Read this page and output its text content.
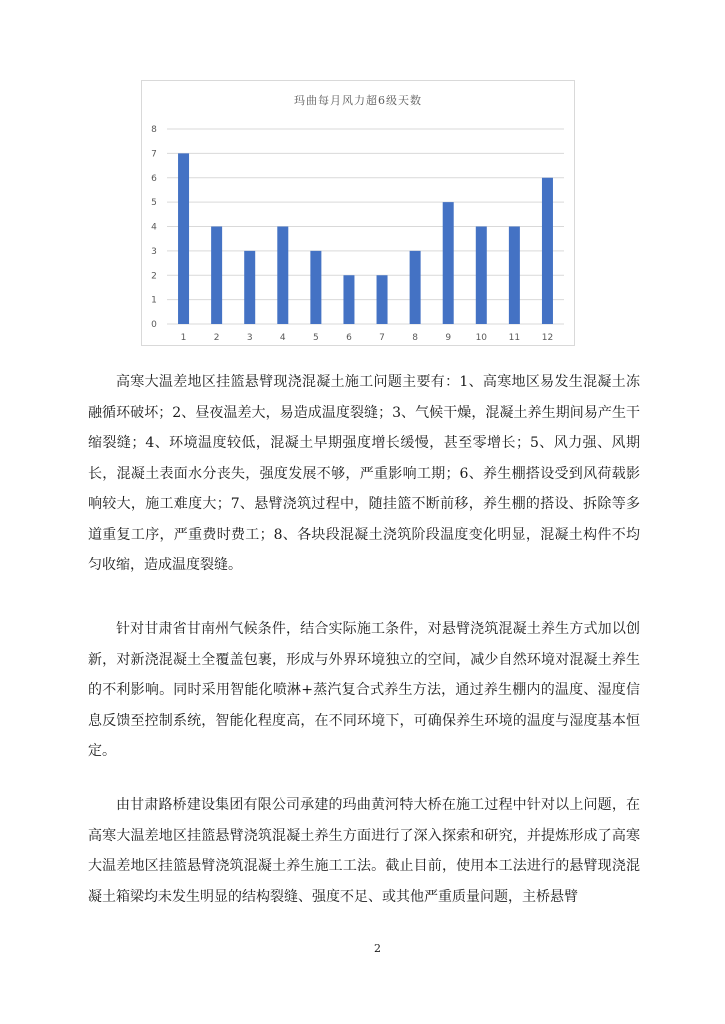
玛曲每月风力超6级天数
0
1
2
3
4
5
6
7
8
1	2	3	4	5	6	7	8	9	10 11 12

高寒大温差地区挂篮悬臂现浇混凝土施工问题主要有：1、高寒地区易发生混凝土冻融循环破坏；2、昼夜温差大，易造成温度裂缝；3、气候干燥，混凝土养生期间易产生干缩裂缝；4、环境温度较低，混凝土早期强度增长缓慢，甚至零增长；5、风力强、风期长，混凝土表面水分丧失，强度发展不够，严重影响工期；6、养生棚搭设受到风荷载影响较大，施工难度大；7、悬臂浇筑过程中，随挂篮不断前移，养生棚的搭设、拆除等多道重复工序，严重费时费工；8、各块段混凝土浇筑阶段温度变化明显，混凝土构件不均匀收缩，造成温度裂缝。

针对甘肃省甘南州气候条件，结合实际施工条件，对悬臂浇筑混凝土养生方式加以创新，对新浇混凝土全覆盖包裹，形成与外界环境独立的空间，减少自然环境对混凝土养生的不利影响。同时采用智能化喷淋+蒸汽复合式养生方法，通过养生棚内的温度、湿度信息反馈至控制系统，智能化程度高，在不同环境下，可确保养生环境的温度与湿度基本恒定。

由甘肃路桥建设集团有限公司承建的玛曲黄河特大桥在施工过程中针对以上问题，在高寒大温差地区挂篮悬臂浇筑混凝土养生方面进行了深入探索和研究，并提炼形成了高寒大温差地区挂篮悬臂浇筑混凝土养生施工工法。截止目前，使用本工法进行的悬臂现浇混凝土箱梁均未发生明显的结构裂缝、强度不足、或其他严重质量问题，主桥悬臂

2
